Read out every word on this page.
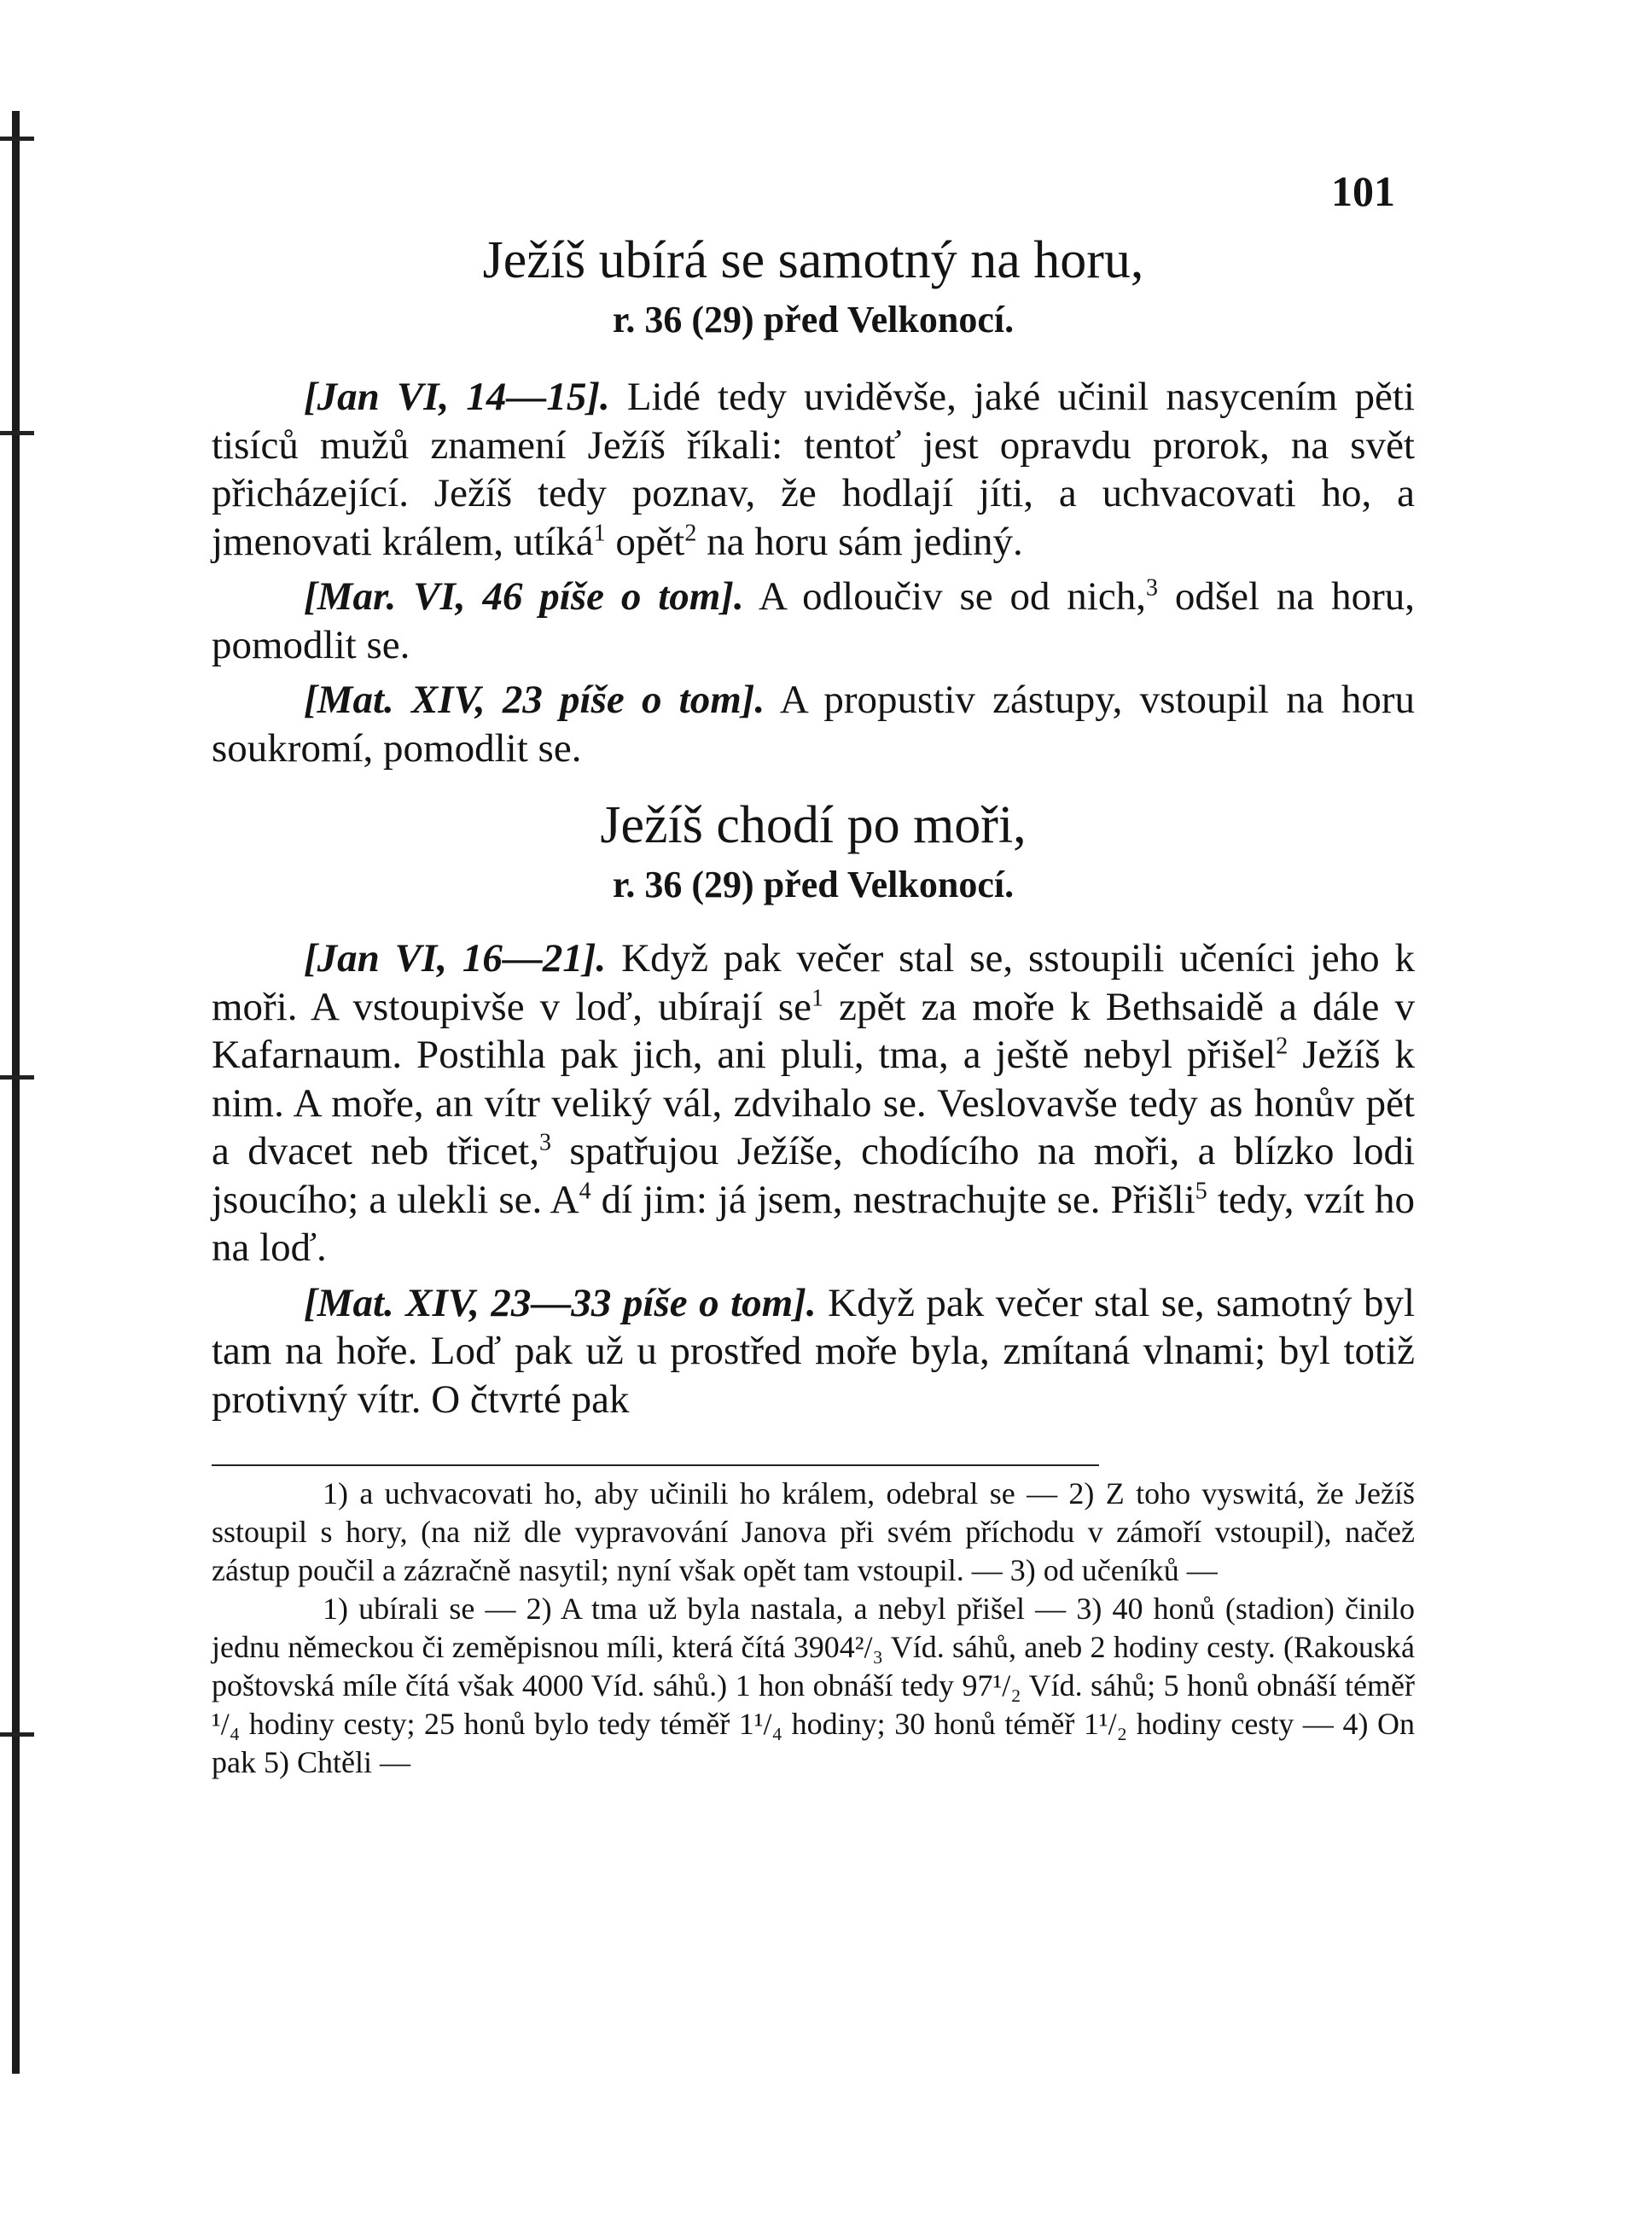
101
Ježíš ubírá se samotný na horu,
r. 36 (29) před Velkonocí.

[Jan VI, 14—15]. Lidé tedy uviděvše, jaké učinil nasycením pěti tisíců mužů znamení Ježíš říkali: tentoť jest opravdu prorok, na svět přicházející. Ježíš tedy poznav, že hodlají jíti, a uchvacovati ho, a jmenovati králem, utíká$^1$ opět$^2$ na horu sám jediný.

[Mar. VI, 46 píše o tom]. A odloučiv se od nich,$^3$ odšel na horu, pomodlit se.

[Mat. XIV, 23 píše o tom]. A propustiv zástupy, vstoupil na horu soukromí, pomodlit se.

Ježíš chodí po moři,
r. 36 (29) před Velkonocí.

[Jan VI, 16—21]. Když pak večer stal se, sstoupili učeníci jeho k moři. A vstoupivše v loď, ubírají $se^1$ zpět za moře k Bethsaidě a dále v Kafarnaum. Postihla pak jich, ani pluli, tma, a ještě nebyl přišel$^2$ Ježíš k nim. A moře, an vítr veliký vál, zdvihalo se. Veslovavše tedy as honův pět a dvacet neb třicet,$^3$ spatřujou Ježíše, chodícího na moři, a blízko lodi jsoucího; a ulekli se. $A^4$ dí jim: já jsem, nestrachujte se. Přišli$^5$ tedy, vzít ho na loď.

[Mat. XIV, 23—33 píše o tom]. Když pak večer stal se, samotný byl tam na hoře. Loď pak už u prostřed moře byla, zmítaná vlnami; byl totiž protivný vítr. O čtvrté pak

1) a uchvacovati ho, aby učinili ho králem, odebral se — 2) Z toho vyswitá, že Ježíš sstoupil s hory, (na niž dle vypravování Janova při svém příchodu v zámoří vstoupil), načež zástup poučil a zázračně nasytil; nyní však opět tam vstoupil. — 3) od učeníků —

1) ubírali se — 2) A tma už byla nastala, a nebyl přišel — 3) 40 honů (stadion) činilo jednu německou či zeměpisnou míli, která čítá 3904²/₃ Víd. sáhů, aneb 2 hodiny cesty. (Rakouská poštovská míle čítá však 4000 Víd. sáhů.) 1 hon obnáší tedy 97¹/₂ Víd. sáhů; 5 honů obnáší téměř ¹/₄ hodiny cesty; 25 honů bylo tedy téměř 1¹/₄ hodiny; 30 honů téměř 1¹/₂ hodiny cesty — 4) On pak 5) Chtěli —
